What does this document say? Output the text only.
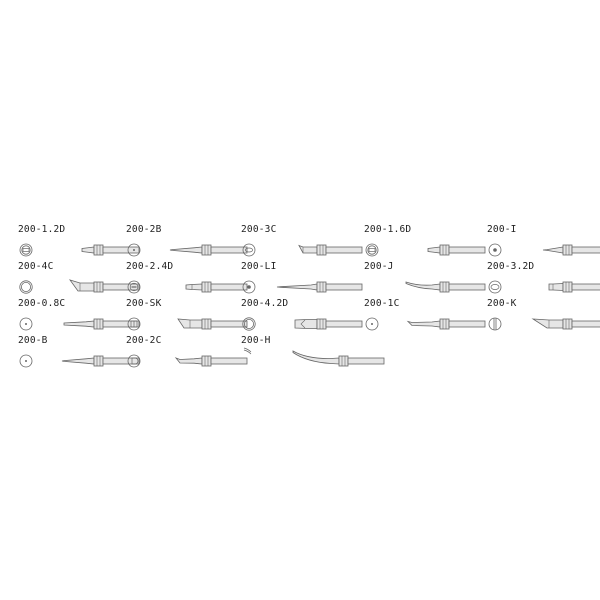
200-1.2D	200-2B	200-3C	200-1.6D	200-I
200-4C	200-2.4D	200-LI	200-J	200-3.2D
200-0.8C	200-SK	200-4.2D	200-1C	200-K
200-B	200-2C	200-H
